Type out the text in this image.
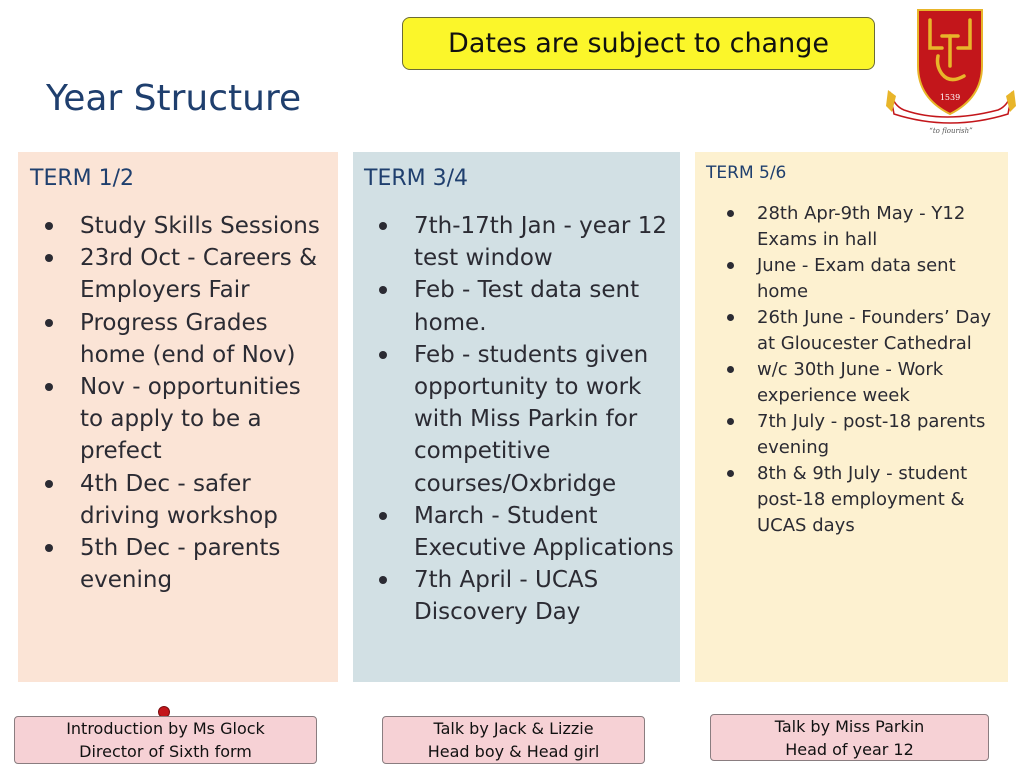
Dates are subject to change
Year Structure	1539
“to flourish”
TERM 1/2
Study Skills Sessions
23rd Oct - Careers & Employers Fair
Progress Grades home (end of Nov)
Nov - opportunities to apply to be a prefect
4th Dec - safer driving workshop
5th Dec - parents evening
TERM 3/4
7th-17th Jan - year 12 test window
Feb - Test data sent home.
Feb - students given opportunity to work with Miss Parkin for competitive courses/Oxbridge
March - Student Executive Applications
7th April - UCAS Discovery Day
TERM 5/6
28th Apr-9th May - Y12 Exams in hall
June - Exam data sent home
26th June - Founders’ Day at Gloucester Cathedral
w/c 30th June - Work experience week
7th July - post-18 parents evening
8th & 9th July - student post-18 employment & UCAS days
Introduction by Ms Glock
Director of Sixth form
Talk by Jack & Lizzie
Head boy & Head girl
Talk by Miss Parkin
Head of year 12
